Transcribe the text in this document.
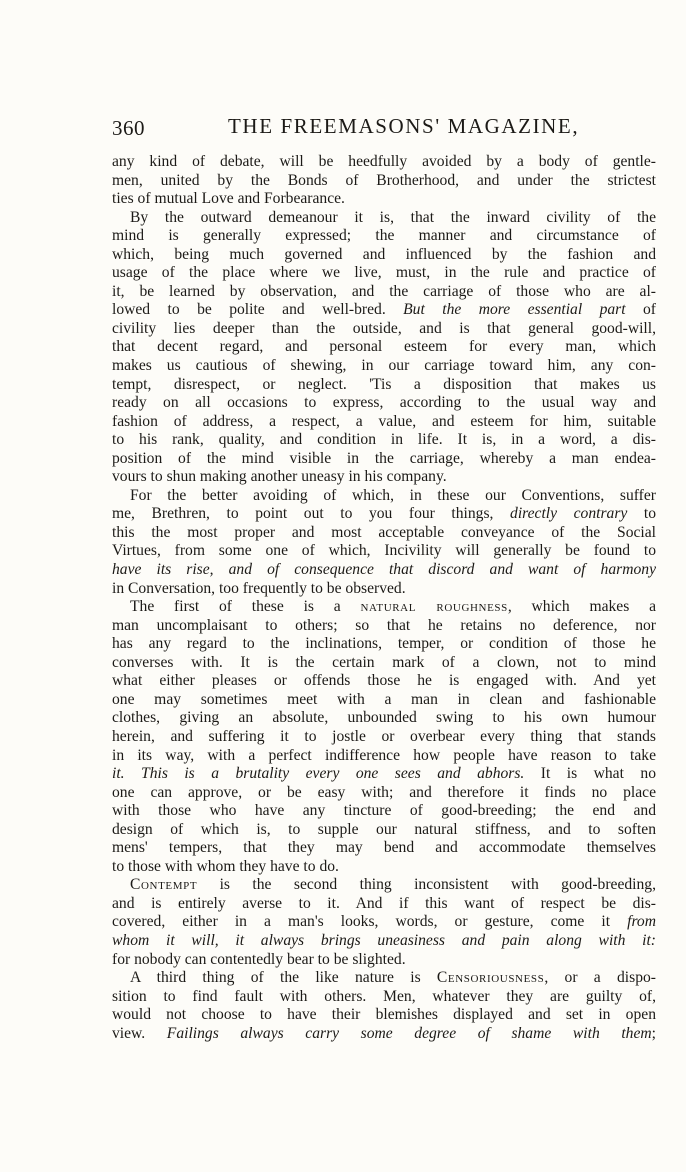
360	THE FREEMASONS' MAGAZINE,
any kind of debate, will be heedfully avoided by a body of gentle-
men, united by the Bonds of Brotherhood, and under the strictest
ties of mutual Love and Forbearance.
By the outward demeanour it is, that the inward civility of the
mind is generally expressed; the manner and circumstance of
which, being much governed and influenced by the fashion and
usage of the place where we live, must, in the rule and practice of
it, be learned by observation, and the carriage of those who are al-
lowed to be polite and well-bred. But the more essential part of
civility lies deeper than the outside, and is that general good-will,
that decent regard, and personal esteem for every man, which
makes us cautious of shewing, in our carriage toward him, any con-
tempt, disrespect, or neglect. 'Tis a disposition that makes us
ready on all occasions to express, according to the usual way and
fashion of address, a respect, a value, and esteem for him, suitable
to his rank, quality, and condition in life. It is, in a word, a dis-
position of the mind visible in the carriage, whereby a man endea-
vours to shun making another uneasy in his company.
For the better avoiding of which, in these our Conventions, suffer
me, Brethren, to point out to you four things, directly contrary to
this the most proper and most acceptable conveyance of the Social
Virtues, from some one of which, Incivility will generally be found to
have its rise, and of consequence that discord and want of harmony
in Conversation, too frequently to be observed.
The first of these is a natural roughness, which makes a
man uncomplaisant to others; so that he retains no deference, nor
has any regard to the inclinations, temper, or condition of those he
converses with. It is the certain mark of a clown, not to mind
what either pleases or offends those he is engaged with. And yet
one may sometimes meet with a man in clean and fashionable
clothes, giving an absolute, unbounded swing to his own humour
herein, and suffering it to jostle or overbear every thing that stands
in its way, with a perfect indifference how people have reason to take
it. This is a brutality every one sees and abhors. It is what no
one can approve, or be easy with; and therefore it finds no place
with those who have any tincture of good-breeding; the end and
design of which is, to supple our natural stiffness, and to soften
mens' tempers, that they may bend and accommodate themselves
to those with whom they have to do.
Contempt is the second thing inconsistent with good-breeding,
and is entirely averse to it. And if this want of respect be dis-
covered, either in a man's looks, words, or gesture, come it from
whom it will, it always brings uneasiness and pain along with it:
for nobody can contentedly bear to be slighted.
A third thing of the like nature is Censoriousness, or a dispo-
sition to find fault with others. Men, whatever they are guilty of,
would not choose to have their blemishes displayed and set in open
view. Failings always carry some degree of shame with them;
